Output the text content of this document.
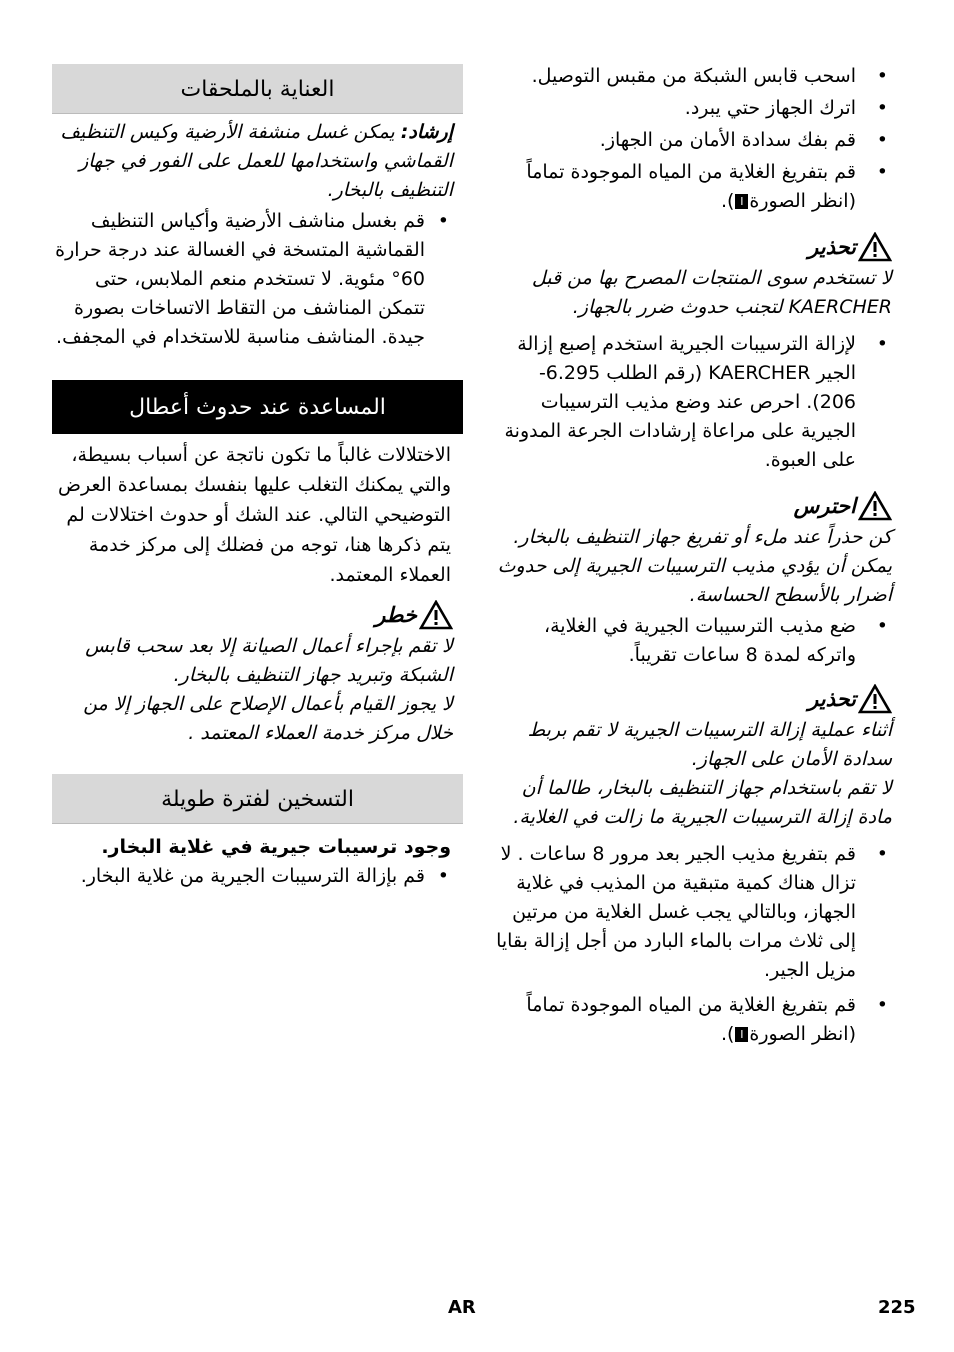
• اسحب قابس الشبكة من مقبس التوصيل.
• اترك الجهاز حتي يبرد.
• قم بفك سدادة الأمان من الجهاز.
• قم بتفريغ الغلاية من المياه الموجودة تماماً (انظر الصورةI).
تحذير

لا تستخدم سوى المنتجات المصرح بها من قبل KAERCHER لتجنب حدوث ضرر بالجهاز.

• لإزالة الترسيبات الجيرية استخدم إصبع إزالة الجير KAERCHER (رقم الطلب 6.295-206). احرص عند وضع مذيب الترسيبات الجيرية على مراعاة إرشادات الجرعة المدونة على العبوة.
احترس

كن حذراً عند ملء أو تفريغ جهاز التنظيف بالبخار. يمكن أن يؤدي مذيب الترسيبات الجيرية إلى حدوث أضرار بالأسطح الحساسة.

• ضع مذيب الترسيبات الجيرية في الغلاية، واتركه لمدة 8 ساعات تقريباً.
تحذير

أثناء عملية إزالة الترسيبات الجيرية لا تقم بربط سدادة الأمان على الجهاز.

لا تقم باستخدام جهاز التنظيف بالبخار، طالما أن مادة إزالة الترسيبات الجيرية ما زالت في الغلاية.

• قم بتفريغ مذيب الجير بعد مرور 8 ساعات . لا تزال هناك كمية متبقية من المذيب في غلاية الجهاز، وبالتالي يجب غسل الغلاية من مرتين إلى ثلاث مرات بالماء البارد من أجل إزالة بقايا مزيل الجير.
• قم بتفريغ الغلاية من المياه الموجودة تماماً (انظر الصورةI).
العناية بالملحقات

إرشاد: يمكن غسل منشفة الأرضية وكيس التنظيف القماشي واستخدامها للعمل على الفور في جهاز التنظيف بالبخار.

• قم بغسل مناشف الأرضية وأكياس التنظيف القماشية المتسخة في الغسالة عند درجة حرارة 60° مئوية. لا تستخدم منعم الملابس، حتى تتمكن المناشف من التقاط الاتساخات بصورة جيدة. المناشف مناسبة للاستخدام في المجفف.
المساعدة عند حدوث أعطال

الاختلالات غالباً ما تكون ناتجة عن أسباب بسيطة، والتي يمكنك التغلب عليها بنفسك بمساعدة العرض التوضيحي التالي. عند الشك أو حدوث اختلالات لم يتم ذكرها هنا، توجه من فضلك إلى مركز خدمة العملاء المعتمد.

خطر

لا تقم بإجراء أعمال الصيانة إلا بعد سحب قابس الشبكة وتبريد جهاز التنظيف بالبخار.

لا يجوز القيام بأعمال الإصلاح على الجهاز إلا من خلال مركز خدمة العملاء المعتمد .

التسخين لفترة طويلة

وجود ترسيبات جيرية في غلاية البخار.

• قم بإزالة الترسيبات الجيرية من غلاية البخار.
AR	225
